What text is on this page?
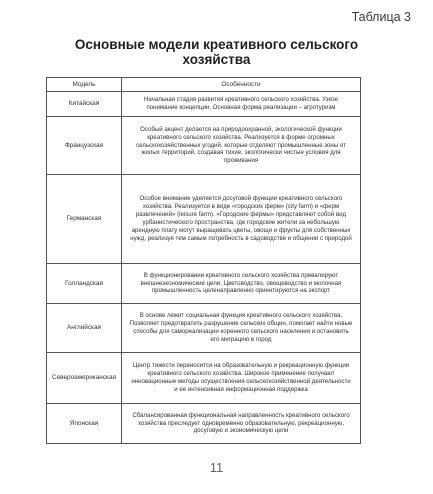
Таблица 3
Основные модели креативного сельского
хозяйства
Модель	Особенности
Китайская	Начальная стадия развития креативного сельского хозяйства. Узкое понимание концепции. Основная форма реализации – агротуризм
Французская	Особый акцент делается на природоохранной, экологической функции креативного сельского хозяйства. Реализуется в форме огромных сельскохозяйственных угодий, которые отделяют промышленные зоны от жилых территорий, создавая тихие, экологически чистые условия для проживания
Германская	Особое внимание уделяется досуговой функции креативного сельского хозяйства. Реализуется в виде «городских ферм» (city farm) и «ферм развлечений» (leisure farm). «Городские фермы» представляют собой вид урбанистического пространства, где городские жители за небольшую арендную плату могут выращивать цветы, овощи и фрукты для собственных нужд, реализуя тем самым потребность в садоводстве и общении с природой
Голландская	В функционировании креативного сельского хозяйства превалируют внешнеэкономические цели. Цветоводство, овощеводство и молочная промышленность целенаправленно ориентируются на экспорт
Английская	В основе лежит социальная функция креативного сельского хозяйства. Позволяет предотвратить разрушение сельских общин, помогает найти новые способы для самореализации коренного сельского населения и остановить его миграцию в город
Североамериканская	Центр тяжести переносится на образовательную и рекреационную функции креативного сельского хозяйства. Широкое применение получают инновационные методы осуществления сельскохозяйственной деятельности и ее интенсивная информационная поддержка
Японская	Сбалансированная функциональная направленность креативного сельского хозяйства преследует одновременно образовательную, рекреационную, досуговую и экономическую цели
11
